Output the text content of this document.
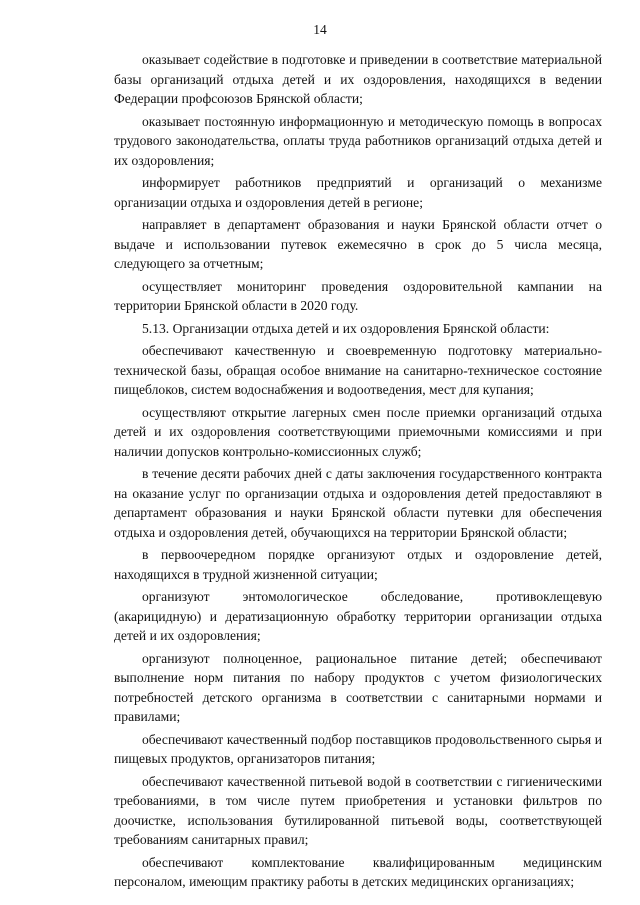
14

оказывает содействие в подготовке и приведении в соответствие материальной базы организаций отдыха детей и их оздоровления, находящихся в ведении Федерации профсоюзов Брянской области;

оказывает постоянную информационную и методическую помощь в вопросах трудового законодательства, оплаты труда работников организаций отдыха детей и их оздоровления;

информирует работников предприятий и организаций о механизме организации отдыха и оздоровления детей в регионе;

направляет в департамент образования и науки Брянской области отчет о выдаче и использовании путевок ежемесячно в срок до 5 числа месяца, следующего за отчетным;

осуществляет мониторинг проведения оздоровительной кампании на территории Брянской области в 2020 году.

5.13. Организации отдыха детей и их оздоровления Брянской области:

обеспечивают качественную и своевременную подготовку материально-технической базы, обращая особое внимание на санитарно-техническое состояние пищеблоков, систем водоснабжения и водоотведения, мест для купания;

осуществляют открытие лагерных смен после приемки организаций отдыха детей и их оздоровления соответствующими приемочными комиссиями и при наличии допусков контрольно-комиссионных служб;

в течение десяти рабочих дней с даты заключения государственного контракта на оказание услуг по организации отдыха и оздоровления детей предоставляют в департамент образования и науки Брянской области путевки для обеспечения отдыха и оздоровления детей, обучающихся на территории Брянской области;

в первоочередном порядке организуют отдых и оздоровление детей, находящихся в трудной жизненной ситуации;

организуют энтомологическое обследование, противоклещевую (акарицидную) и дератизационную обработку территории организации отдыха детей и их оздоровления;

организуют полноценное, рациональное питание детей; обеспечивают выполнение норм питания по набору продуктов с учетом физиологических потребностей детского организма в соответствии с санитарными нормами и правилами;

обеспечивают качественный подбор поставщиков продовольственного сырья и пищевых продуктов, организаторов питания;

обеспечивают качественной питьевой водой в соответствии с гигиеническими требованиями, в том числе путем приобретения и установки фильтров по доочистке, использования бутилированной питьевой воды, соответствующей требованиям санитарных правил;

обеспечивают комплектование квалифицированным медицинским персоналом, имеющим практику работы в детских медицинских организациях;
